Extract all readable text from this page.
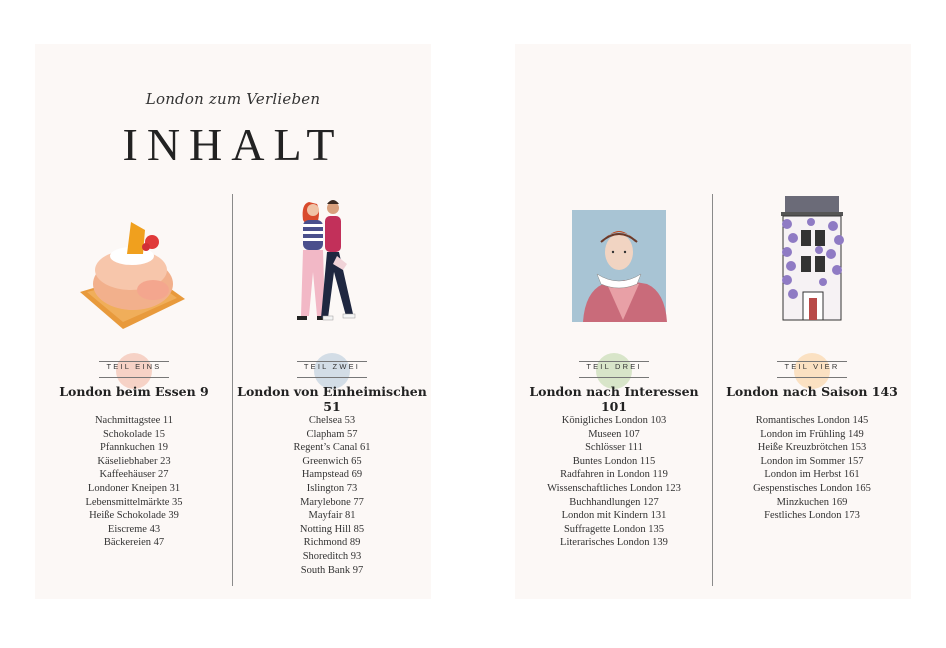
London zum Verlieben
INHALT
TEIL EINS
London beim Essen 9
Nachmittagstee 11
Schokolade 15
Pfannkuchen 19
Käseliebhaber 23
Kaffeehäuser 27
Londoner Kneipen 31
Lebensmittelmärkte 35
Heiße Schokolade 39
Eiscreme 43
Bäckereien 47
TEIL ZWEI
London von Einheimischen 51
Chelsea 53
Clapham 57
Regent’s Canal 61
Greenwich 65
Hampstead 69
Islington 73
Marylebone 77
Mayfair 81
Notting Hill 85
Richmond 89
Shoreditch 93
South Bank 97
TEIL DREI
London nach Interessen 101
Königliches London 103
Museen 107
Schlösser 111
Buntes London 115
Radfahren in London 119
Wissenschaftliches London 123
Buchhandlungen 127
London mit Kindern 131
Suffragette London 135
Literarisches London 139
TEIL VIER
London nach Saison 143
Romantisches London 145
London im Frühling 149
Heiße Kreuzbrötchen 153
London im Sommer 157
London im Herbst 161
Gespenstisches London 165
Minzkuchen 169
Festliches London 173
